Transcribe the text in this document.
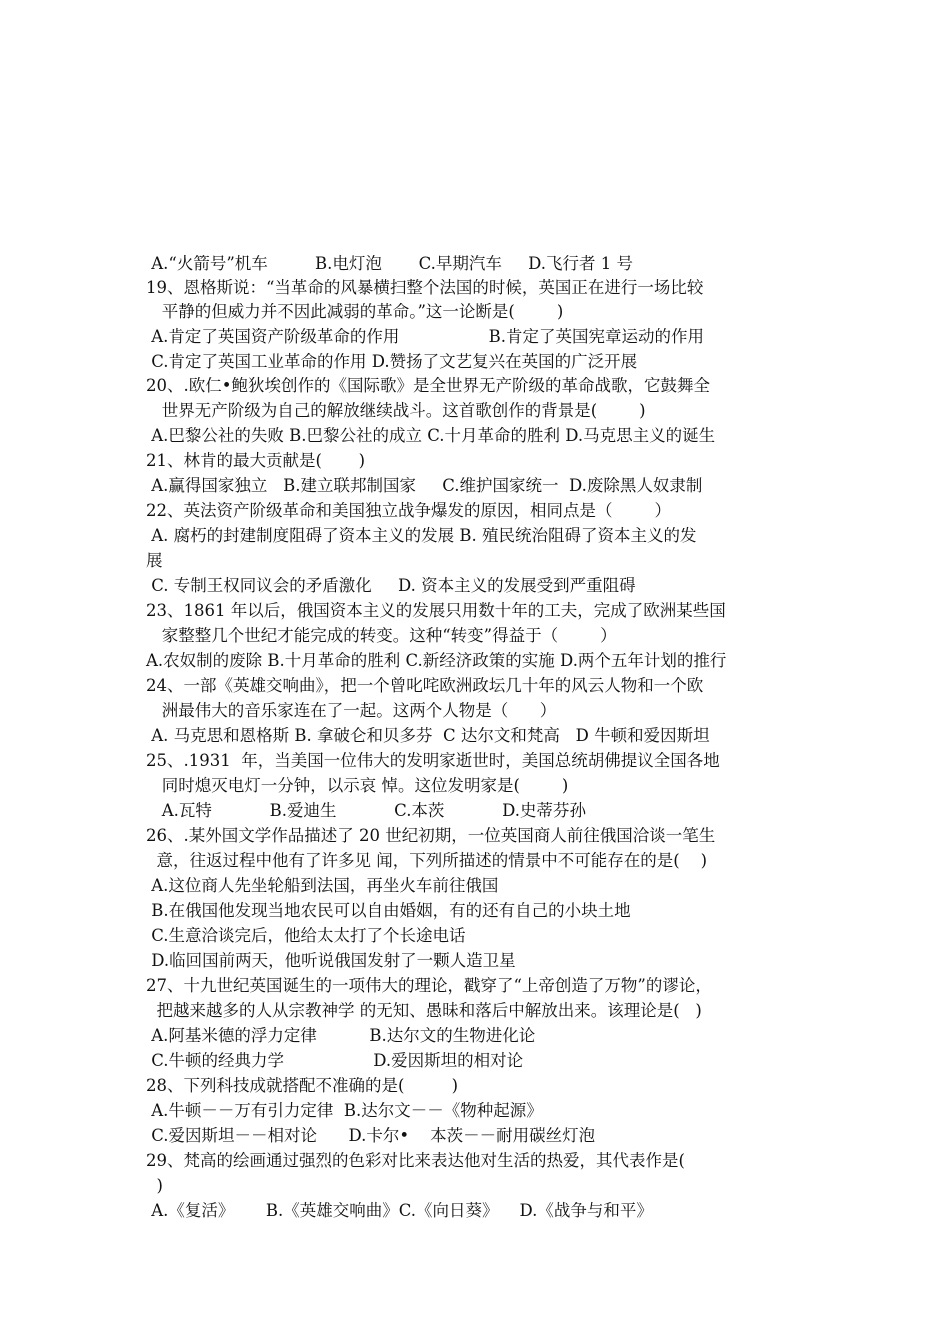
A.“火箭号”机车         B.电灯泡       C.早期汽车     D.飞行者 1 号
19、恩格斯说：“当革命的风暴横扫整个法国的时候，英国正在进行一场比较
平静的但威力并不因此减弱的革命。”这一论断是(        )
A.肯定了英国资产阶级革命的作用                 B.肯定了英国宪章运动的作用
C.肯定了英国工业革命的作用 D.赞扬了文艺复兴在英国的广泛开展
20、.欧仁•鲍狄埃创作的《国际歌》是全世界无产阶级的革命战歌，它鼓舞全
世界无产阶级为自己的解放继续战斗。这首歌创作的背景是(        )
A.巴黎公社的失败 B.巴黎公社的成立 C.十月革命的胜利 D.马克思主义的诞生
21、林肯的最大贡献是(       )
A.赢得国家独立   B.建立联邦制国家     C.维护国家统一  D.废除黑人奴隶制
22、英法资产阶级革命和美国独立战争爆发的原因，相同点是（        ）
A. 腐朽的封建制度阻碍了资本主义的发展 B. 殖民统治阻碍了资本主义的发
展
C. 专制王权同议会的矛盾激化     D. 资本主义的发展受到严重阻碍
23、1861 年以后，俄国资本主义的发展只用数十年的工夫，完成了欧洲某些国
家整整几个世纪才能完成的转变。这种“转变”得益于（        ）
A.农奴制的废除 B.十月革命的胜利 C.新经济政策的实施 D.两个五年计划的推行
24、一部《英雄交响曲》，把一个曾叱咤欧洲政坛几十年的风云人物和一个欧
洲最伟大的音乐家连在了一起。这两个人物是（      ）
A. 马克思和恩格斯 B. 拿破仑和贝多芬  C 达尔文和梵高   D 牛顿和爱因斯坦
25、.1931  年，当美国一位伟大的发明家逝世时，美国总统胡佛提议全国各地
同时熄灭电灯一分钟，以示哀 悼。这位发明家是(        )
A.瓦特           B.爱迪生           C.本茨           D.史蒂芬孙
26、.某外国文学作品描述了 20 世纪初期，一位英国商人前往俄国洽谈一笔生
意，往返过程中他有了许多见 闻，下列所描述的情景中不可能存在的是(    )
A.这位商人先坐轮船到法国，再坐火车前往俄国
B.在俄国他发现当地农民可以自由婚姻，有的还有自己的小块土地
C.生意洽谈完后，他给太太打了个长途电话
D.临回国前两天，他听说俄国发射了一颗人造卫星
27、十九世纪英国诞生的一项伟大的理论，戳穿了“上帝创造了万物”的谬论，
把越来越多的人从宗教神学 的无知、愚昧和落后中解放出来。该理论是(   )
A.阿基米德的浮力定律          B.达尔文的生物进化论
C.牛顿的经典力学                 D.爱因斯坦的相对论
28、下列科技成就搭配不准确的是(         )
A.牛顿－－万有引力定律  B.达尔文－－《物种起源》
C.爱因斯坦－－相对论      D.卡尔•    本茨－－耐用碳丝灯泡
29、梵高的绘画通过强烈的色彩对比来表达他对生活的热爱，其代表作是(
)
A.《复活》      B.《英雄交响曲》C.《向日葵》    D.《战争与和平》
